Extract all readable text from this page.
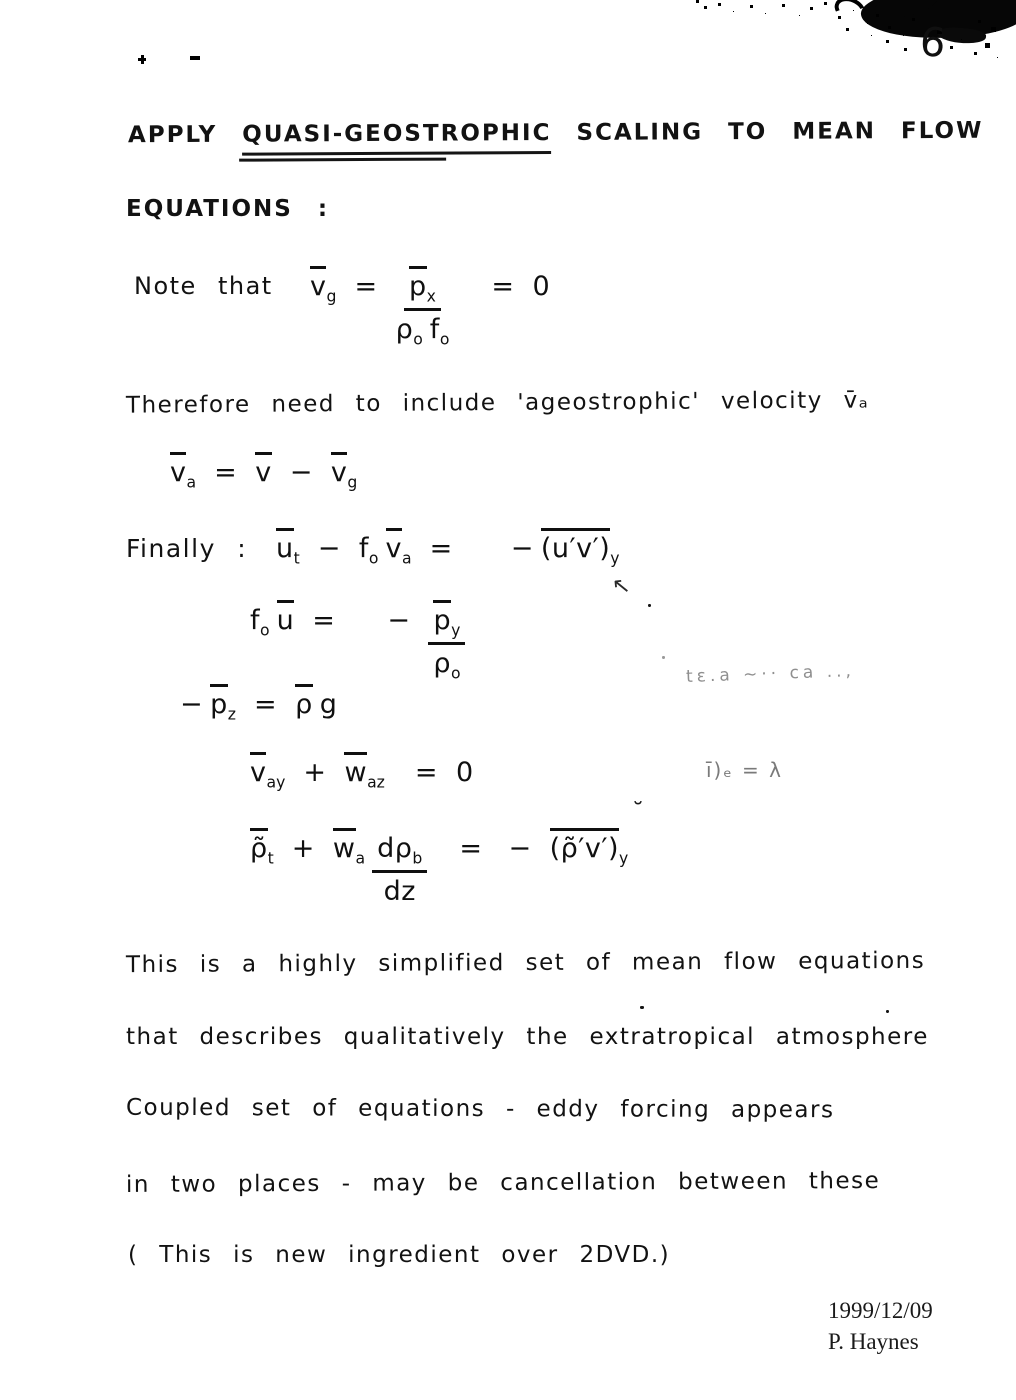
6
APPLY QUASI-GEOSTROPHIC SCALING TO MEAN FLOW
EQUATIONS :
Note that $v_g = \frac{p_x}{\rho_o f_o} = 0$
Therefore need to include 'ageostrophic' velocity v̄ₐ
$v_a = v - v_g$
Finally : $u_t - f_o$ $v_a$ = − $(u'v')_y$
↖
$f_o$ u = − $\frac{p_y}{\rho_o}$
− $p_z = \rho$ g
tε.a ~·· ca ..,
$v_{ay} + w_{az} = 0$	ī)ₑ = λ
˘
$\rhõ_t + w_a \frac{d\rho_b}{dz}$ = − $(\rhõ'v')_y$
This is a highly simplified set of mean flow equations
that describes qualitatively the extratropical atmosphere
Coupled set of equations - eddy forcing appears
in two places - may be cancellation between these
( This is new ingredient over 2DVD.)
1999/12/09
P. Haynes
